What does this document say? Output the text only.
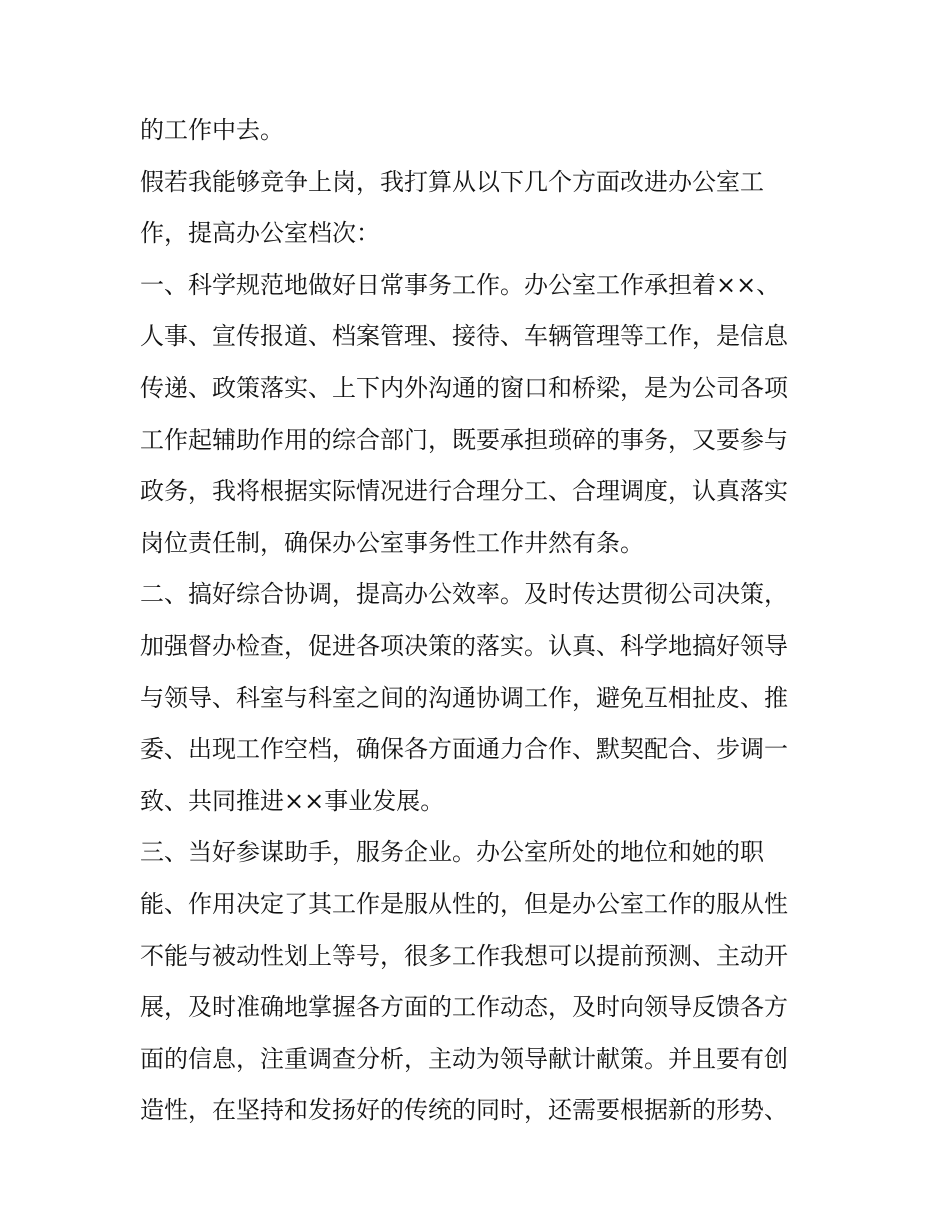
的工作中去。

假若我能够竞争上岗，我打算从以下几个方面改进办公室工

作，提高办公室档次：

一、科学规范地做好日常事务工作。办公室工作承担着××、

人事、宣传报道、档案管理、接待、车辆管理等工作，是信息

传递、政策落实、上下内外沟通的窗口和桥梁，是为公司各项

工作起辅助作用的综合部门，既要承担琐碎的事务，又要参与

政务，我将根据实际情况进行合理分工、合理调度，认真落实

岗位责任制，确保办公室事务性工作井然有条。

二、搞好综合协调，提高办公效率。及时传达贯彻公司决策，

加强督办检查，促进各项决策的落实。认真、科学地搞好领导

与领导、科室与科室之间的沟通协调工作，避免互相扯皮、推

委、出现工作空档，确保各方面通力合作、默契配合、步调一

致、共同推进××事业发展。

三、当好参谋助手，服务企业。办公室所处的地位和她的职

能、作用决定了其工作是服从性的，但是办公室工作的服从性

不能与被动性划上等号，很多工作我想可以提前预测、主动开

展，及时准确地掌握各方面的工作动态，及时向领导反馈各方

面的信息，注重调查分析，主动为领导献计献策。并且要有创

造性，在坚持和发扬好的传统的同时，还需要根据新的形势、
